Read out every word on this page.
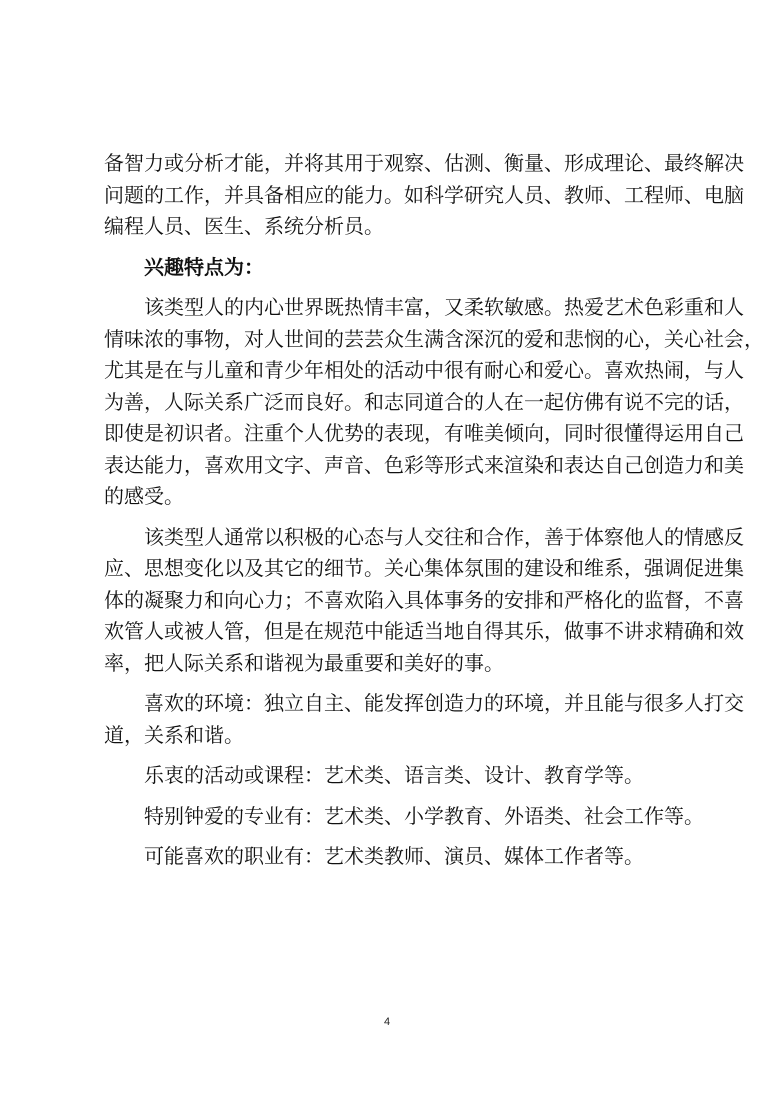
备智力或分析才能，并将其用于观察、估测、衡量、形成理论、最终解决

问题的工作，并具备相应的能力。如科学研究人员、教师、工程师、电脑

编程人员、医生、系统分析员。

兴趣特点为：

该类型人的内心世界既热情丰富，又柔软敏感。热爱艺术色彩重和人

情味浓的事物，对人世间的芸芸众生满含深沉的爱和悲悯的心，关心社会，

尤其是在与儿童和青少年相处的活动中很有耐心和爱心。喜欢热闹，与人

为善，人际关系广泛而良好。和志同道合的人在一起仿佛有说不完的话，

即使是初识者。注重个人优势的表现，有唯美倾向，同时很懂得运用自己

表达能力，喜欢用文字、声音、色彩等形式来渲染和表达自己创造力和美

的感受。

该类型人通常以积极的心态与人交往和合作，善于体察他人的情感反

应、思想变化以及其它的细节。关心集体氛围的建设和维系，强调促进集

体的凝聚力和向心力；不喜欢陷入具体事务的安排和严格化的监督，不喜

欢管人或被人管，但是在规范中能适当地自得其乐，做事不讲求精确和效

率，把人际关系和谐视为最重要和美好的事。

喜欢的环境：独立自主、能发挥创造力的环境，并且能与很多人打交

道，关系和谐。

乐衷的活动或课程：艺术类、语言类、设计、教育学等。

特别钟爱的专业有：艺术类、小学教育、外语类、社会工作等。

可能喜欢的职业有：艺术类教师、演员、媒体工作者等。

4
